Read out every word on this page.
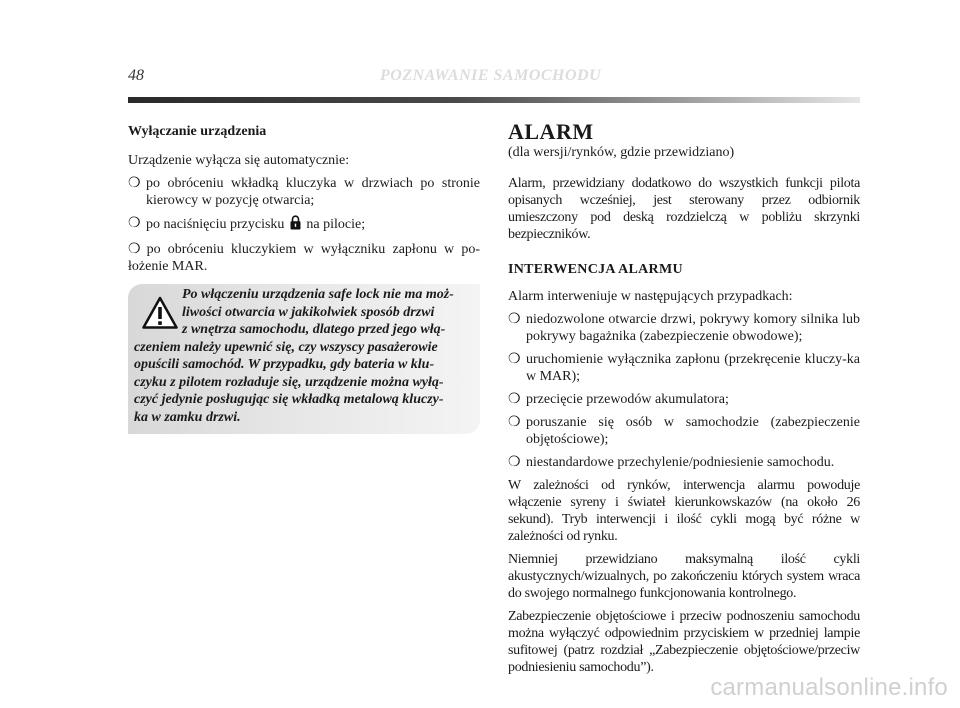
48	POZNAWANIE SAMOCHODU
Wyłączanie urządzenia

Urządzenie wyłącza się automatycznie:

❍ po obróceniu wkładką kluczyka w drzwiach po stronie kierowcy w pozycję otwarcia;
❍ po naciśnięciu przycisku na pilocie;
❍ po obróceniu kluczykiem w wyłączniku zapłonu w po-łożenie MAR.
Po włączeniu urządzenia safe lock nie ma moż-
liwości otwarcia w jakikolwiek sposób drzwi
z wnętrza samochodu, dlatego przed jego włą-
czeniem należy upewnić się, czy wszyscy pasażerowie
opuścili samochód. W przypadku, gdy bateria w klu-
czyku z pilotem rozładuje się, urządzenie można wyłą-
czyć jedynie posługując się wkładką metalową kluczy-
ka w zamku drzwi.
ALARM
(dla wersji/rynków, gdzie przewidziano)

Alarm, przewidziany dodatkowo do wszystkich funkcji pilota opisanych wcześniej, jest sterowany przez odbiornik umieszczony pod deską rozdzielczą w pobliżu skrzynki bezpieczników.

INTERWENCJA ALARMU

Alarm interweniuje w następujących przypadkach:

❍ niedozwolone otwarcie drzwi, pokrywy komory silnika lub pokrywy bagażnika (zabezpieczenie obwodowe);
❍ uruchomienie wyłącznika zapłonu (przekręcenie kluczy-ka w MAR);
❍ przecięcie przewodów akumulatora;
❍ poruszanie się osób w samochodzie (zabezpieczenie objętościowe);
❍ niestandardowe przechylenie/podniesienie samochodu.

W zależności od rynków, interwencja alarmu powoduje włączenie syreny i świateł kierunkowskazów (na około 26 sekund). Tryb interwencji i ilość cykli mogą być różne w zależności od rynku.

Niemniej przewidziano maksymalną ilość cykli akustycznych/wizualnych, po zakończeniu których system wraca do swojego normalnego funkcjonowania kontrolnego.

Zabezpieczenie objętościowe i przeciw podnoszeniu samochodu można wyłączyć odpowiednim przyciskiem w przedniej lampie sufitowej (patrz rozdział „Zabezpieczenie objętościowe/przeciw podniesieniu samochodu”).

carmanualsonline.info
